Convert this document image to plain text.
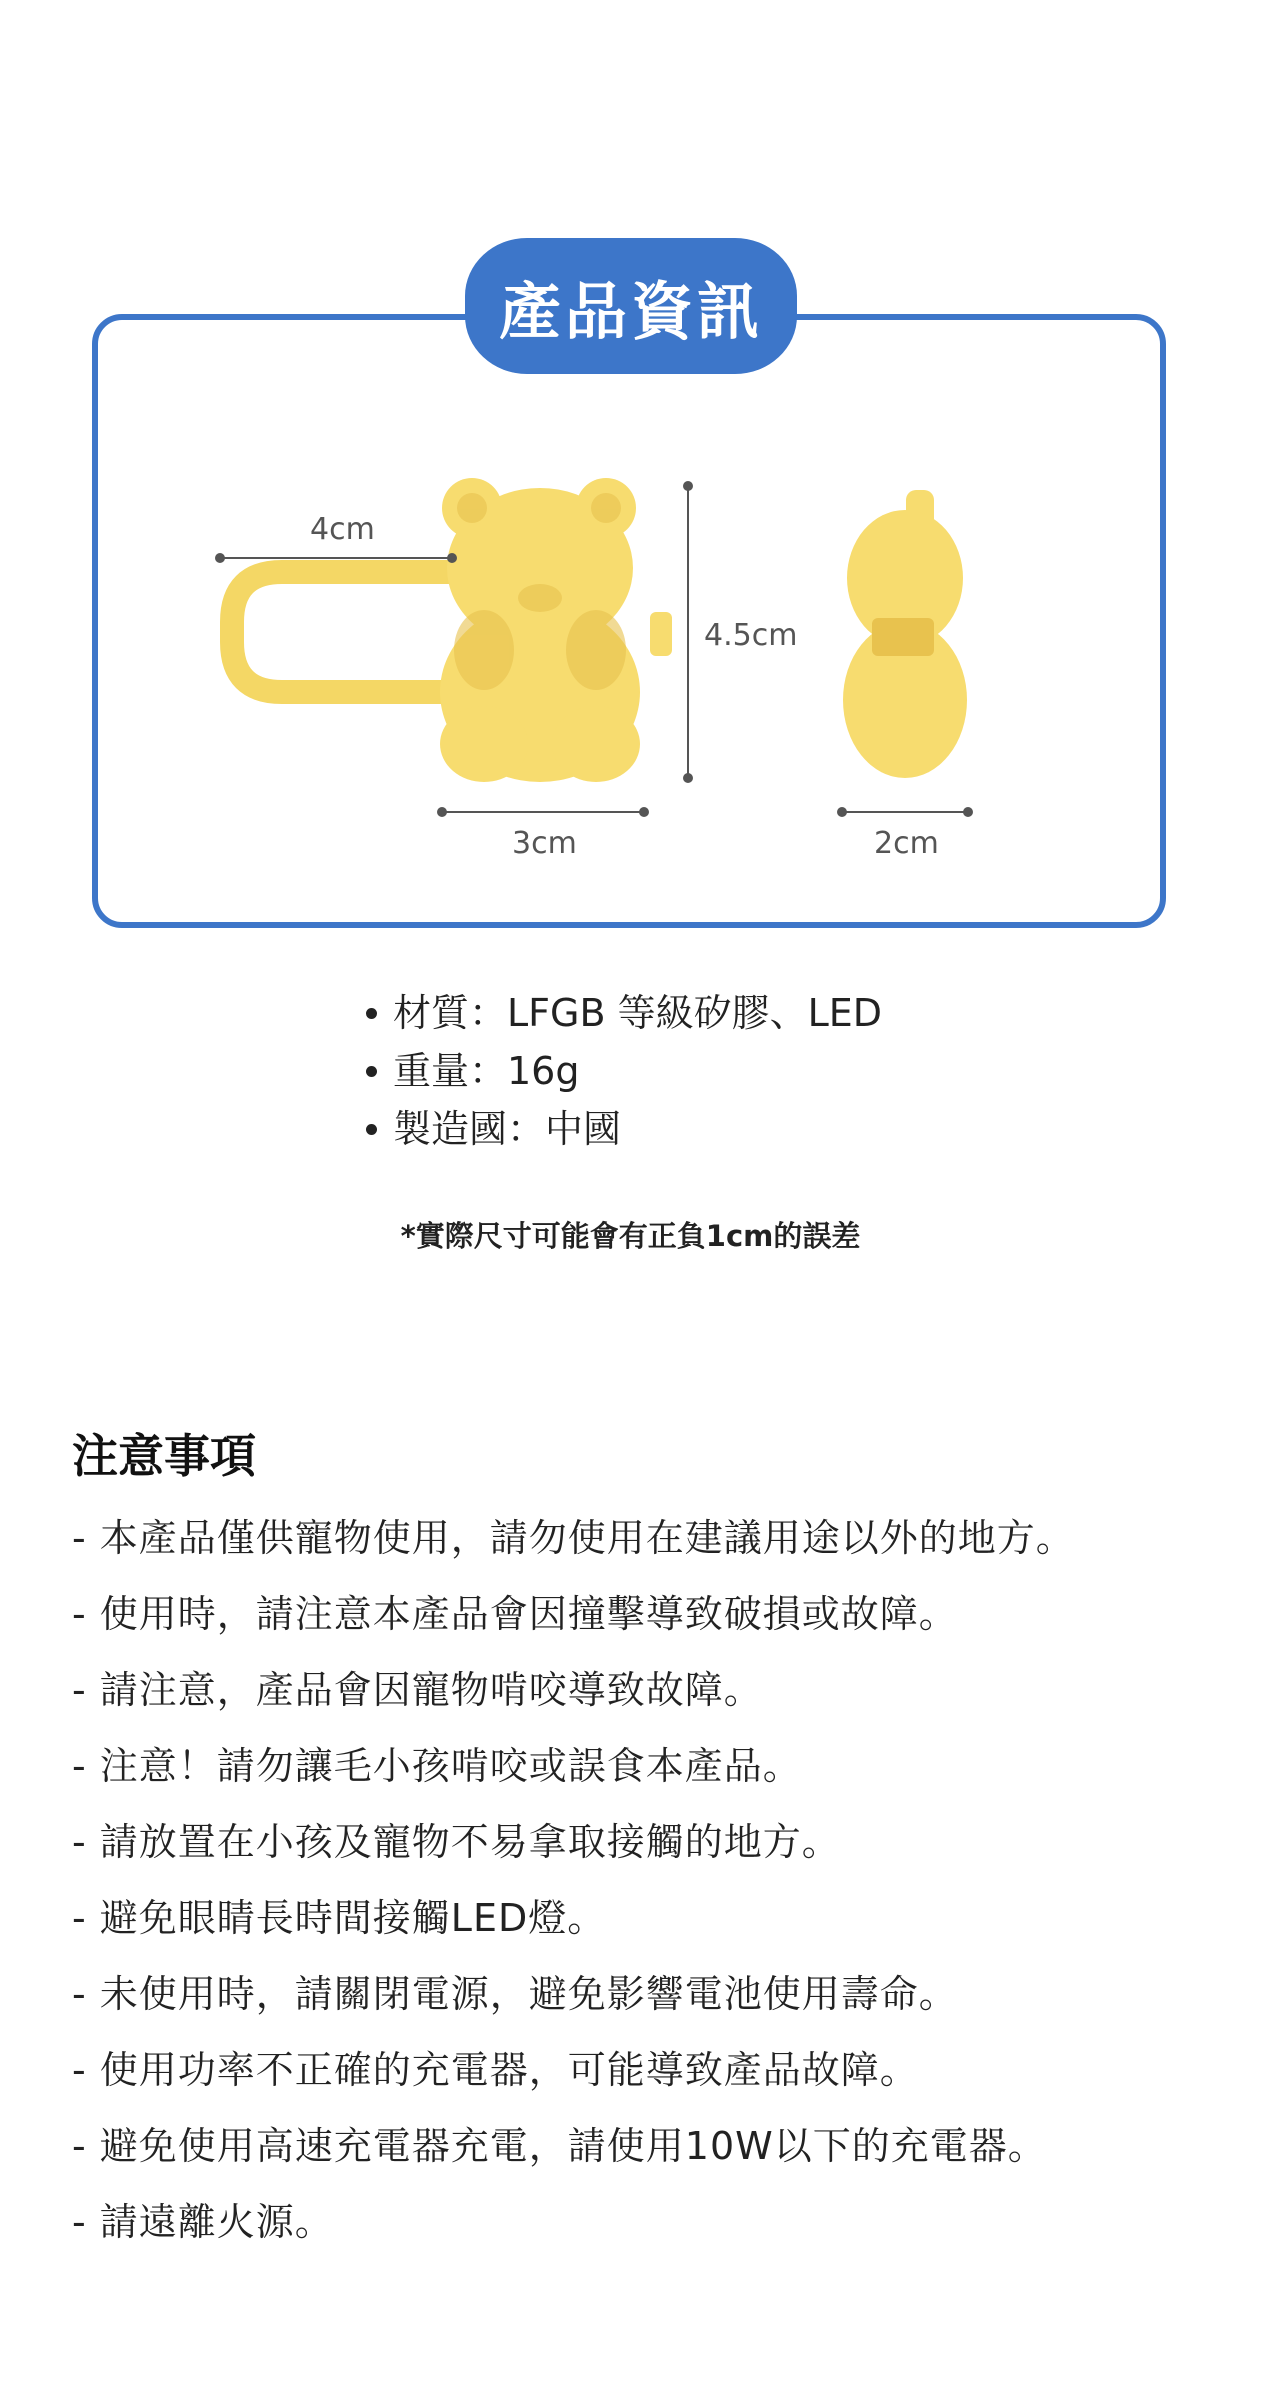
產品資訊
4cm
4.5cm
3cm	2cm
材質：LFGB 等級矽膠、LED
重量：16g
製造國：中國
*實際尺寸可能會有正負1cm的誤差
注意事項
- 本產品僅供寵物使用，請勿使用在建議用途以外的地方。
- 使用時，請注意本產品會因撞擊導致破損或故障。
- 請注意，產品會因寵物啃咬導致故障。
- 注意！請勿讓毛小孩啃咬或誤食本產品。
- 請放置在小孩及寵物不易拿取接觸的地方。
- 避免眼睛長時間接觸LED燈。
- 未使用時，請關閉電源，避免影響電池使用壽命。
- 使用功率不正確的充電器，可能導致產品故障。
- 避免使用高速充電器充電，請使用10W以下的充電器。
- 請遠離火源。
